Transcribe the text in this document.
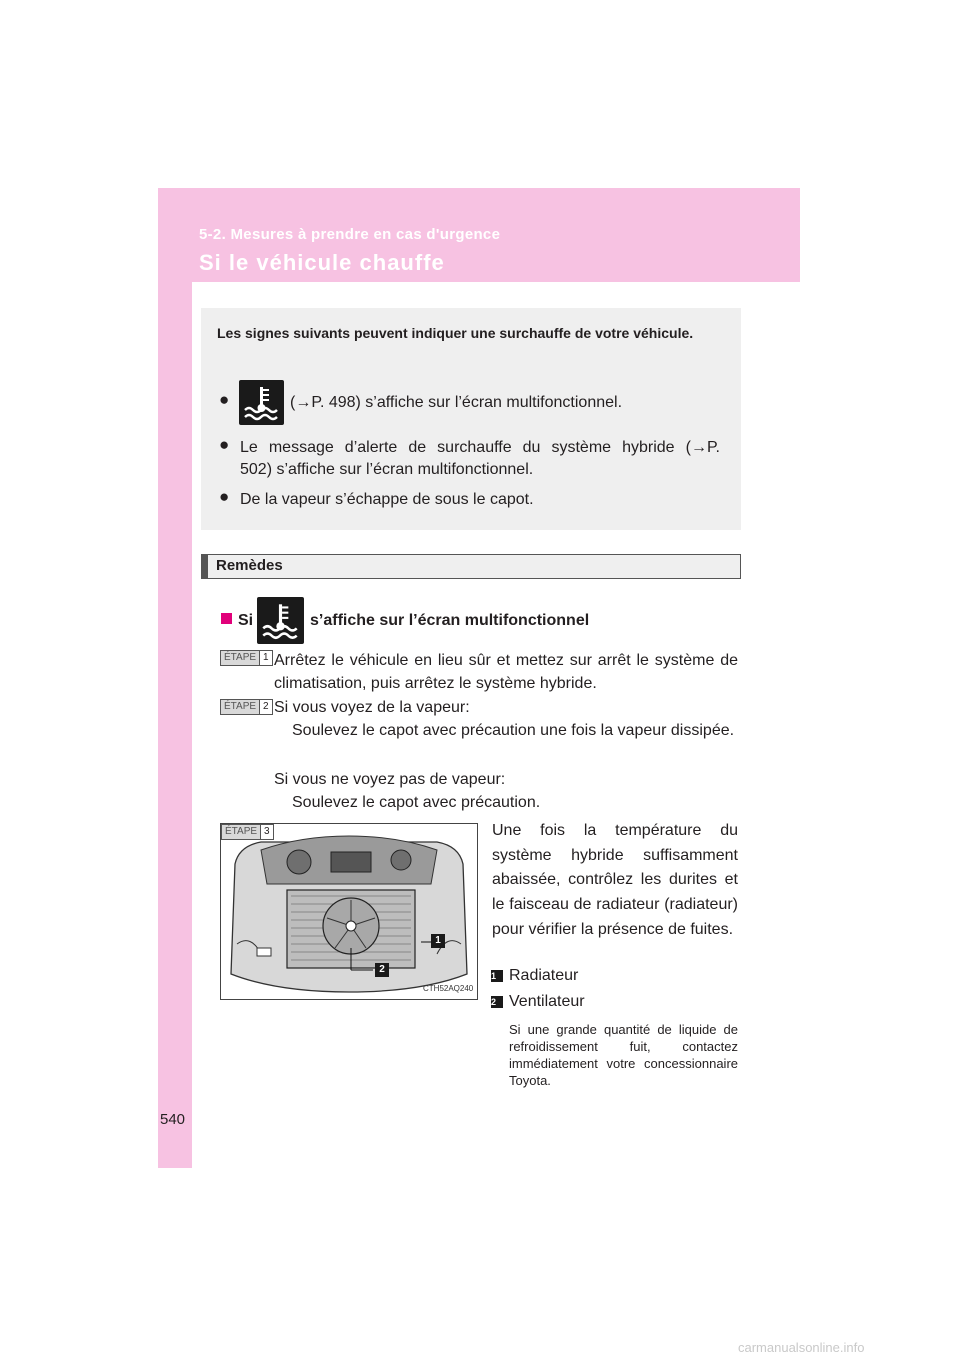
5-2. Mesures à prendre en cas d'urgence
Si le véhicule chauffe
Les signes suivants peuvent indiquer une surchauffe de votre véhicule.
●	(→P. 498) s’affiche sur l’écran multifonctionnel.
● Le message d’alerte de surchauffe du système hybride (→P.
502) s’affiche sur l’écran multifonctionnel.
● De la vapeur s’échappe de sous le capot.
Remèdes
Si	s’affiche sur l’écran multifonctionnel
ÉTAPE 1 Arrêtez le véhicule en lieu sûr et mettez sur arrêt le système de climatisation, puis arrêtez le système hybride.
ÉTAPE 2 Si vous voyez de la vapeur:
Soulevez le capot avec précaution une fois la vapeur dissipée.
Si vous ne voyez pas de vapeur:
Soulevez le capot avec précaution.
ÉTAPE 3
1
2
CTH52AQ240
Une fois la température du système hybride suffisamment abaissée, contrôlez les durites et le faisceau de radiateur (radiateur) pour vérifier la présence de fuites.
1 Radiateur
2 Ventilateur
Si une grande quantité de liquide de refroidissement fuit, contactez immédiatement votre concessionnaire Toyota.
540
carmanualsonline.info
